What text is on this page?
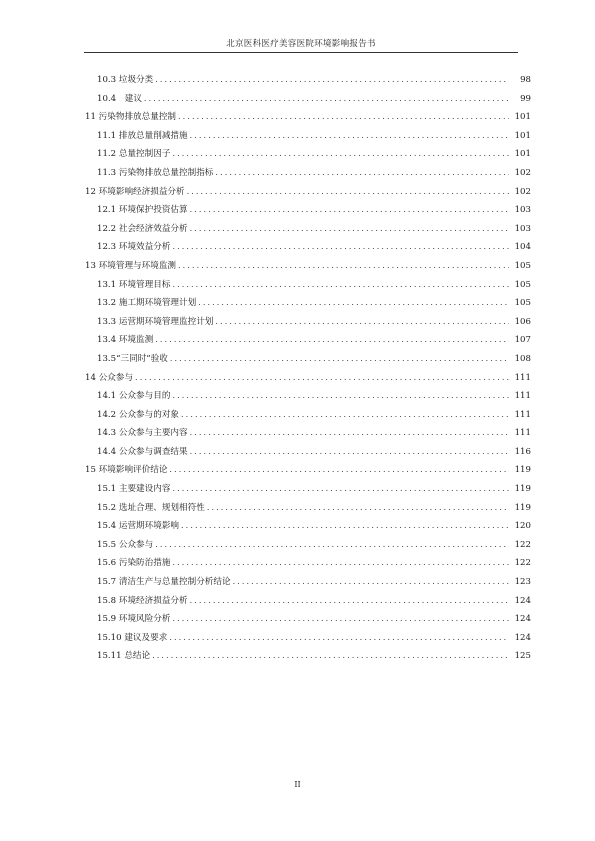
北京医科医疗美容医院环境影响报告书
10.3 垃圾分类 .....	98
10.4　建议 .....	99
11 污染物排放总量控制 .....	101
11.1 排放总量削减措施 .....	101
11.2 总量控制因子 .....	101
11.3 污染物排放总量控制指标 .....	102
12 环境影响经济损益分析 .....	102
12.1 环境保护投资估算 .....	103
12.2 社会经济效益分析 .....	103
12.3 环境效益分析 .....	104
13 环境管理与环境监测 .....	105
13.1 环境管理目标 .....	105
13.2 施工期环境管理计划 .....	105
13.3 运营期环境管理监控计划 .....	106
13.4 环境监测 .....	107
13.5“三同时”验收 .....	108
14 公众参与 .....	111
14.1 公众参与目的 .....	111
14.2 公众参与的对象 .....	111
14.3 公众参与主要内容 .....	111
14.4 公众参与调查结果 .....	116
15 环境影响评价结论 .....	119
15.1 主要建设内容 .....	119
15.2 选址合理、规划相符性 .....	119
15.4 运营期环境影响 .....	120
15.5 公众参与 .....	122
15.6 污染防治措施 .....	122
15.7 清洁生产与总量控制分析结论 .....	123
15.8 环境经济损益分析 .....	124
15.9 环境风险分析 .....	124
15.10 建议及要求 .....	124
15.11 总结论 .....	125
II
